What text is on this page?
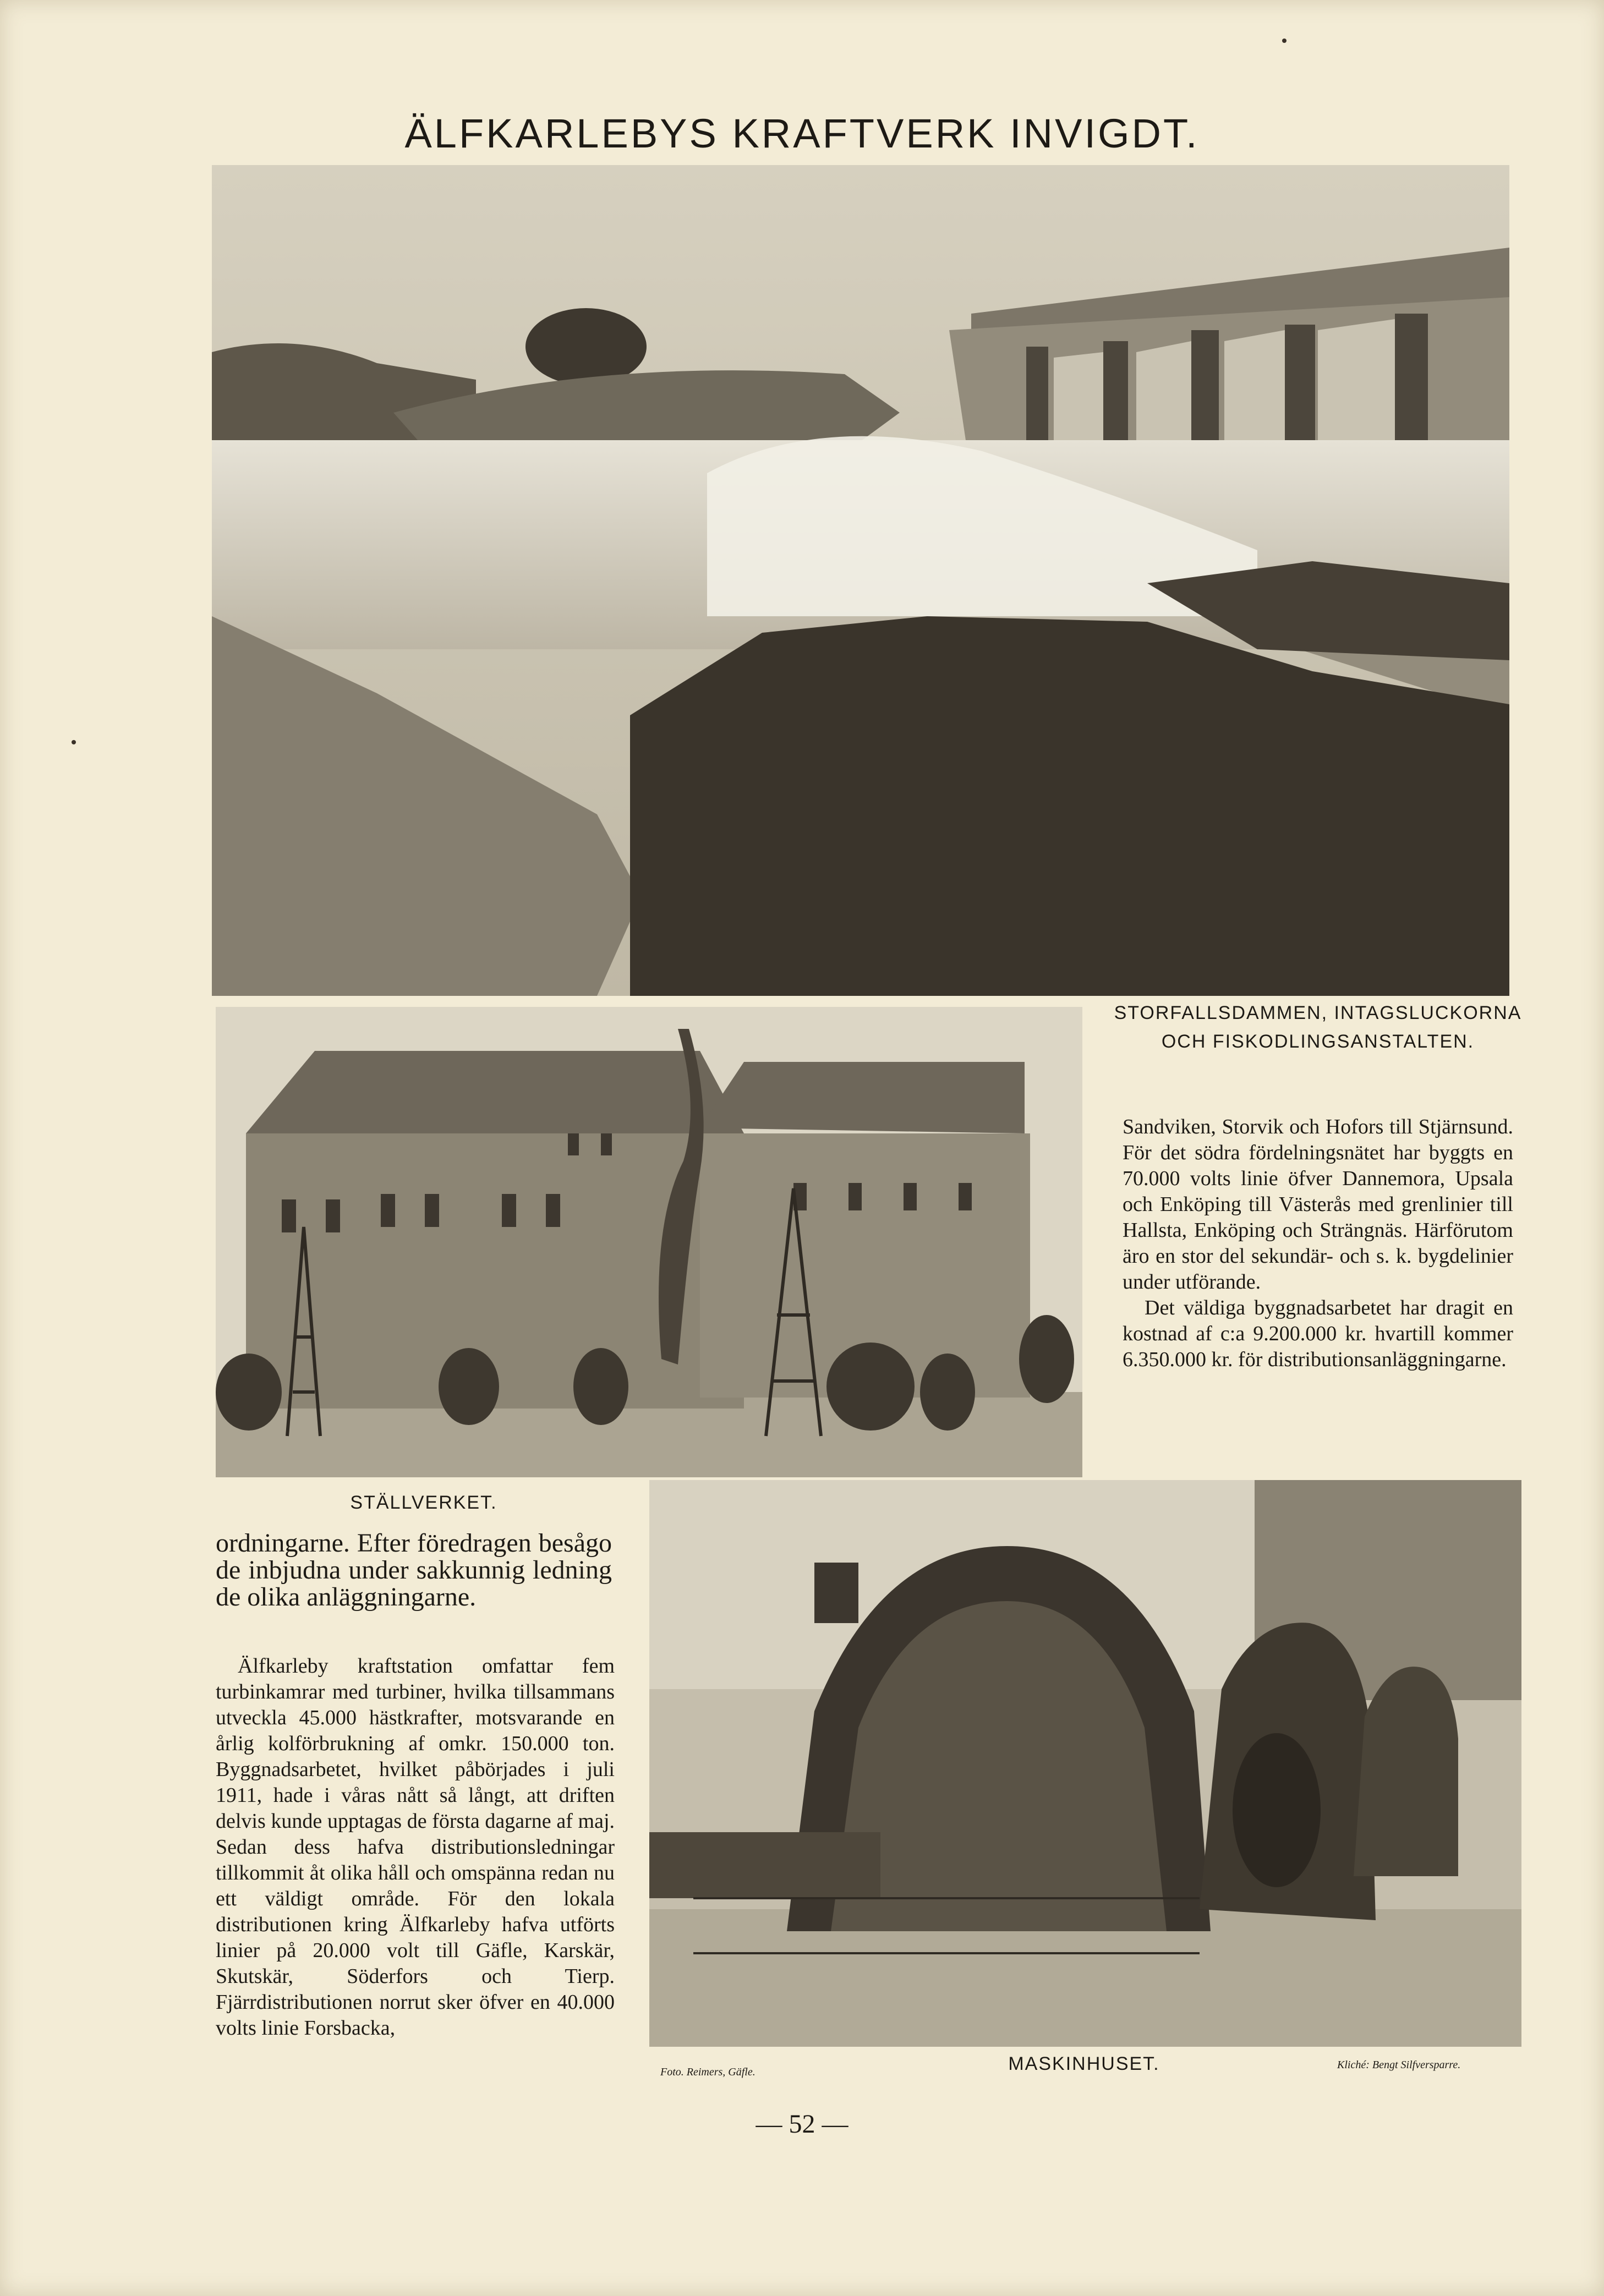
ÄLFKARLEBYS KRAFTVERK INVIGDT.
STORFALLSDAMMEN, INTAGSLUCKORNA OCH FISKODLINGSANSTALTEN.
STÄLLVERKET.
MASKINHUSET.
Foto. Reimers, Gäfle.
Kliché: Bengt Silfversparre.

Sandviken, Storvik och Hofors till Stjärnsund. För det södra fördelningsnätet har byggts en 70.000 volts linie öfver Dannemora, Upsala och Enköping till Västerås med grenlinier till Hallsta, Enköping och Strängnäs. Härförutom äro en stor del sekundär- och s. k. bygdelinier under utförande.

Det väldiga byggnadsarbetet har dragit en kostnad af c:a 9.200.000 kr. hvartill kommer 6.350.000 kr. för distributionsanläggningarne.

ordningarne. Efter föredragen besågo de inbjudna under sakkunnig ledning de olika anläggningarne.

Älfkarleby kraftstation omfattar fem turbinkamrar med turbiner, hvilka tillsammans utveckla 45.000 hästkrafter, motsvarande en årlig kolförbrukning af omkr. 150.000 ton. Byggnadsarbetet, hvilket påbörjades i juli 1911, hade i våras nått så långt, att driften delvis kunde upptagas de första dagarne af maj. Sedan dess hafva distributionsledningar tillkommit åt olika håll och omspänna redan nu ett väldigt område. För den lokala distributionen kring Älfkarleby hafva utförts linier på 20.000 volt till Gäfle, Karskär, Skutskär, Söderfors och Tierp. Fjärrdistributionen norrut sker öfver en 40.000 volts linie Forsbacka,

— 52 —
